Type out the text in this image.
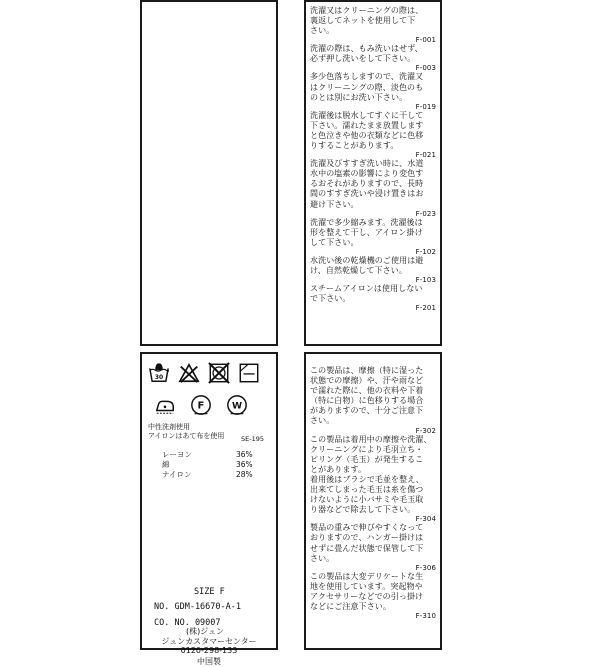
洗濯又はクリーニングの際は、
裏返してネットを使用して下
さい。
F-001

洗濯の際は、もみ洗いはせず、
必ず押し洗いをして下さい。
F-003

多少色落ちしますので、洗濯又
はクリーニングの際、淡色のも
のとは別にお洗い下さい。
F-019

洗濯後は脱水してすぐに干して
下さい。濡れたまま放置します
と色泣きや他の衣類などに色移
りすることがあります。
F-021

洗濯及びすすぎ洗い時に、水道
水中の塩素の影響により変色す
るおそれがありますので、長時
間のすすぎ洗いや浸け置きはお
避け下さい。
F-023

洗濯で多少縮みます。洗濯後は
形を整えて干し、アイロン掛け
して下さい。
F-102

水洗い後の乾燥機のご使用は避
け、自然乾燥して下さい。
F-103

スチームアイロンは使用しない
で下さい。
F-201

30
F	W
中性洗剤使用
アイロンはあて布を使用	SE-195
レーヨン	36%
綿	36%
ナイロン	28%
SIZE F
NO. GDM-16670-A-1
CO. NO. 09007
(株)ジュン
ジュンカスタマーセンター
0120-298-133
中国製

この製品は、摩擦（特に湿った
状態での摩擦）や、汗や雨など
で濡れた際に、他の衣料や下着
（特に白物）に色移りする場合
がありますので、十分ご注意下
さい。
F-302

この製品は着用中の摩擦や洗濯、
クリーニングにより毛羽立ち・
ピリング（毛玉）が発生するこ
とがあります。
着用後はブラシで毛並を整え、
出来てしまった毛玉は糸を傷つ
けないように小バサミや毛玉取
り器などで除去して下さい。
F-304

製品の重みで伸びやすくなって
おりますので、ハンガー掛けは
せずに畳んだ状態で保管して下
さい。
F-306

この製品は大変デリケートな生
地を使用しています。突起物や
アクセサリーなどでの引っ掛け
などにご注意下さい。
F-310
